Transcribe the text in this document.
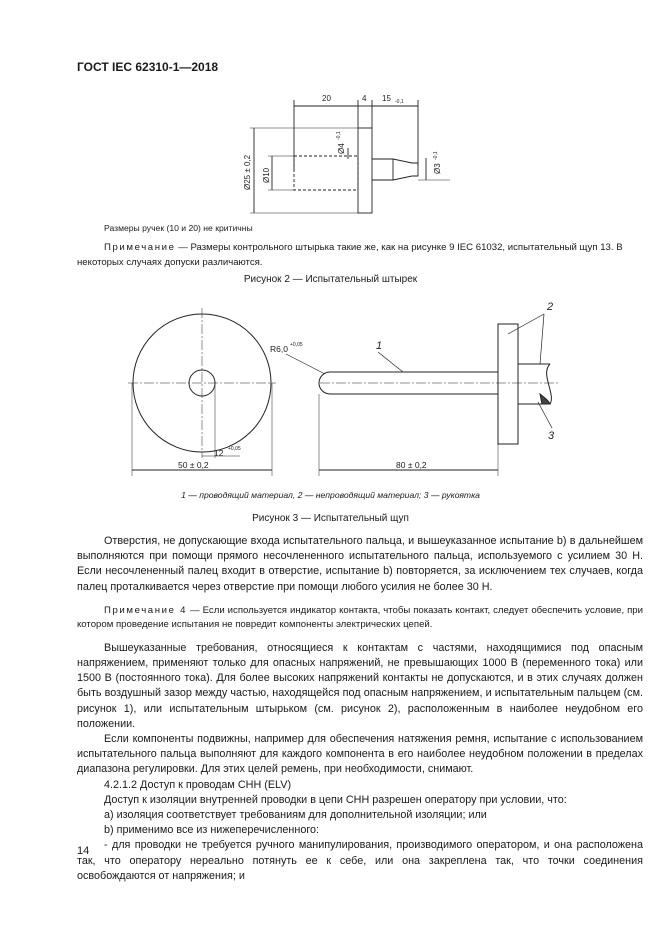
ГОСТ IEC 62310-1—2018
20	4 15 -0,1
Ø25 ± 0,2 Ø10
Ø4
-0,1
Ø3
-0,1
Размеры ручек (10 и 20) не критичны
Примечание — Размеры контрольного штырька такие же, как на рисунке 9 IEC 61032, испытательный щуп 13. В некоторых случаях допуски различаются.
Рисунок 2 — Испытательный штырек
R6,0 +0,05	1
2
3
12 +0,05
50 ± 0,2	80 ± 0,2
1 — проводящий материал, 2 — непроводящий материал; 3 — рукоятка
Рисунок 3 — Испытательный щуп

Отверстия, не допускающие входа испытательного пальца, и вышеуказанное испытание b) в дальнейшем выполняются при помощи прямого несочлененного испытательного пальца, используемого с усилием 30 Н. Если несочлененный палец входит в отверстие, испытание b) повторяется, за исключением тех случаев, когда палец проталкивается через отверстие при помощи любого усилия не более 30 Н.

Примечание 4 — Если используется индикатор контакта, чтобы показать контакт, следует обеспечить условие, при котором проведение испытания не повредит компоненты электрических цепей.

Вышеуказанные требования, относящиеся к контактам с частями, находящимися под опасным напряжением, применяют только для опасных напряжений, не превышающих 1000 В (переменного тока) или 1500 В (постоянного тока). Для более высоких напряжений контакты не допускаются, и в этих случаях должен быть воздушный зазор между частью, находящейся под опасным напряжением, и испытательным пальцем (см. рисунок 1), или испытательным штырьком (см. рисунок 2), расположенным в наиболее неудобном его положении.

Если компоненты подвижны, например для обеспечения натяжения ремня, испытание с использованием испытательного пальца выполняют для каждого компонента в его наиболее неудобном положении в пределах диапазона регулировки. Для этих целей ремень, при необходимости, снимают.

4.2.1.2 Доступ к проводам СНН (ELV)

Доступ к изоляции внутренней проводки в цепи СНН разрешен оператору при условии, что:

a) изоляция соответствует требованиям для дополнительной изоляции; или

b) применимо все из нижеперечисленного:

- для проводки не требуется ручного манипулирования, производимого оператором, и она расположена так, что оператору нереально потянуть ее к себе, или она закреплена так, что точки соединения освобождаются от напряжения; и

14
